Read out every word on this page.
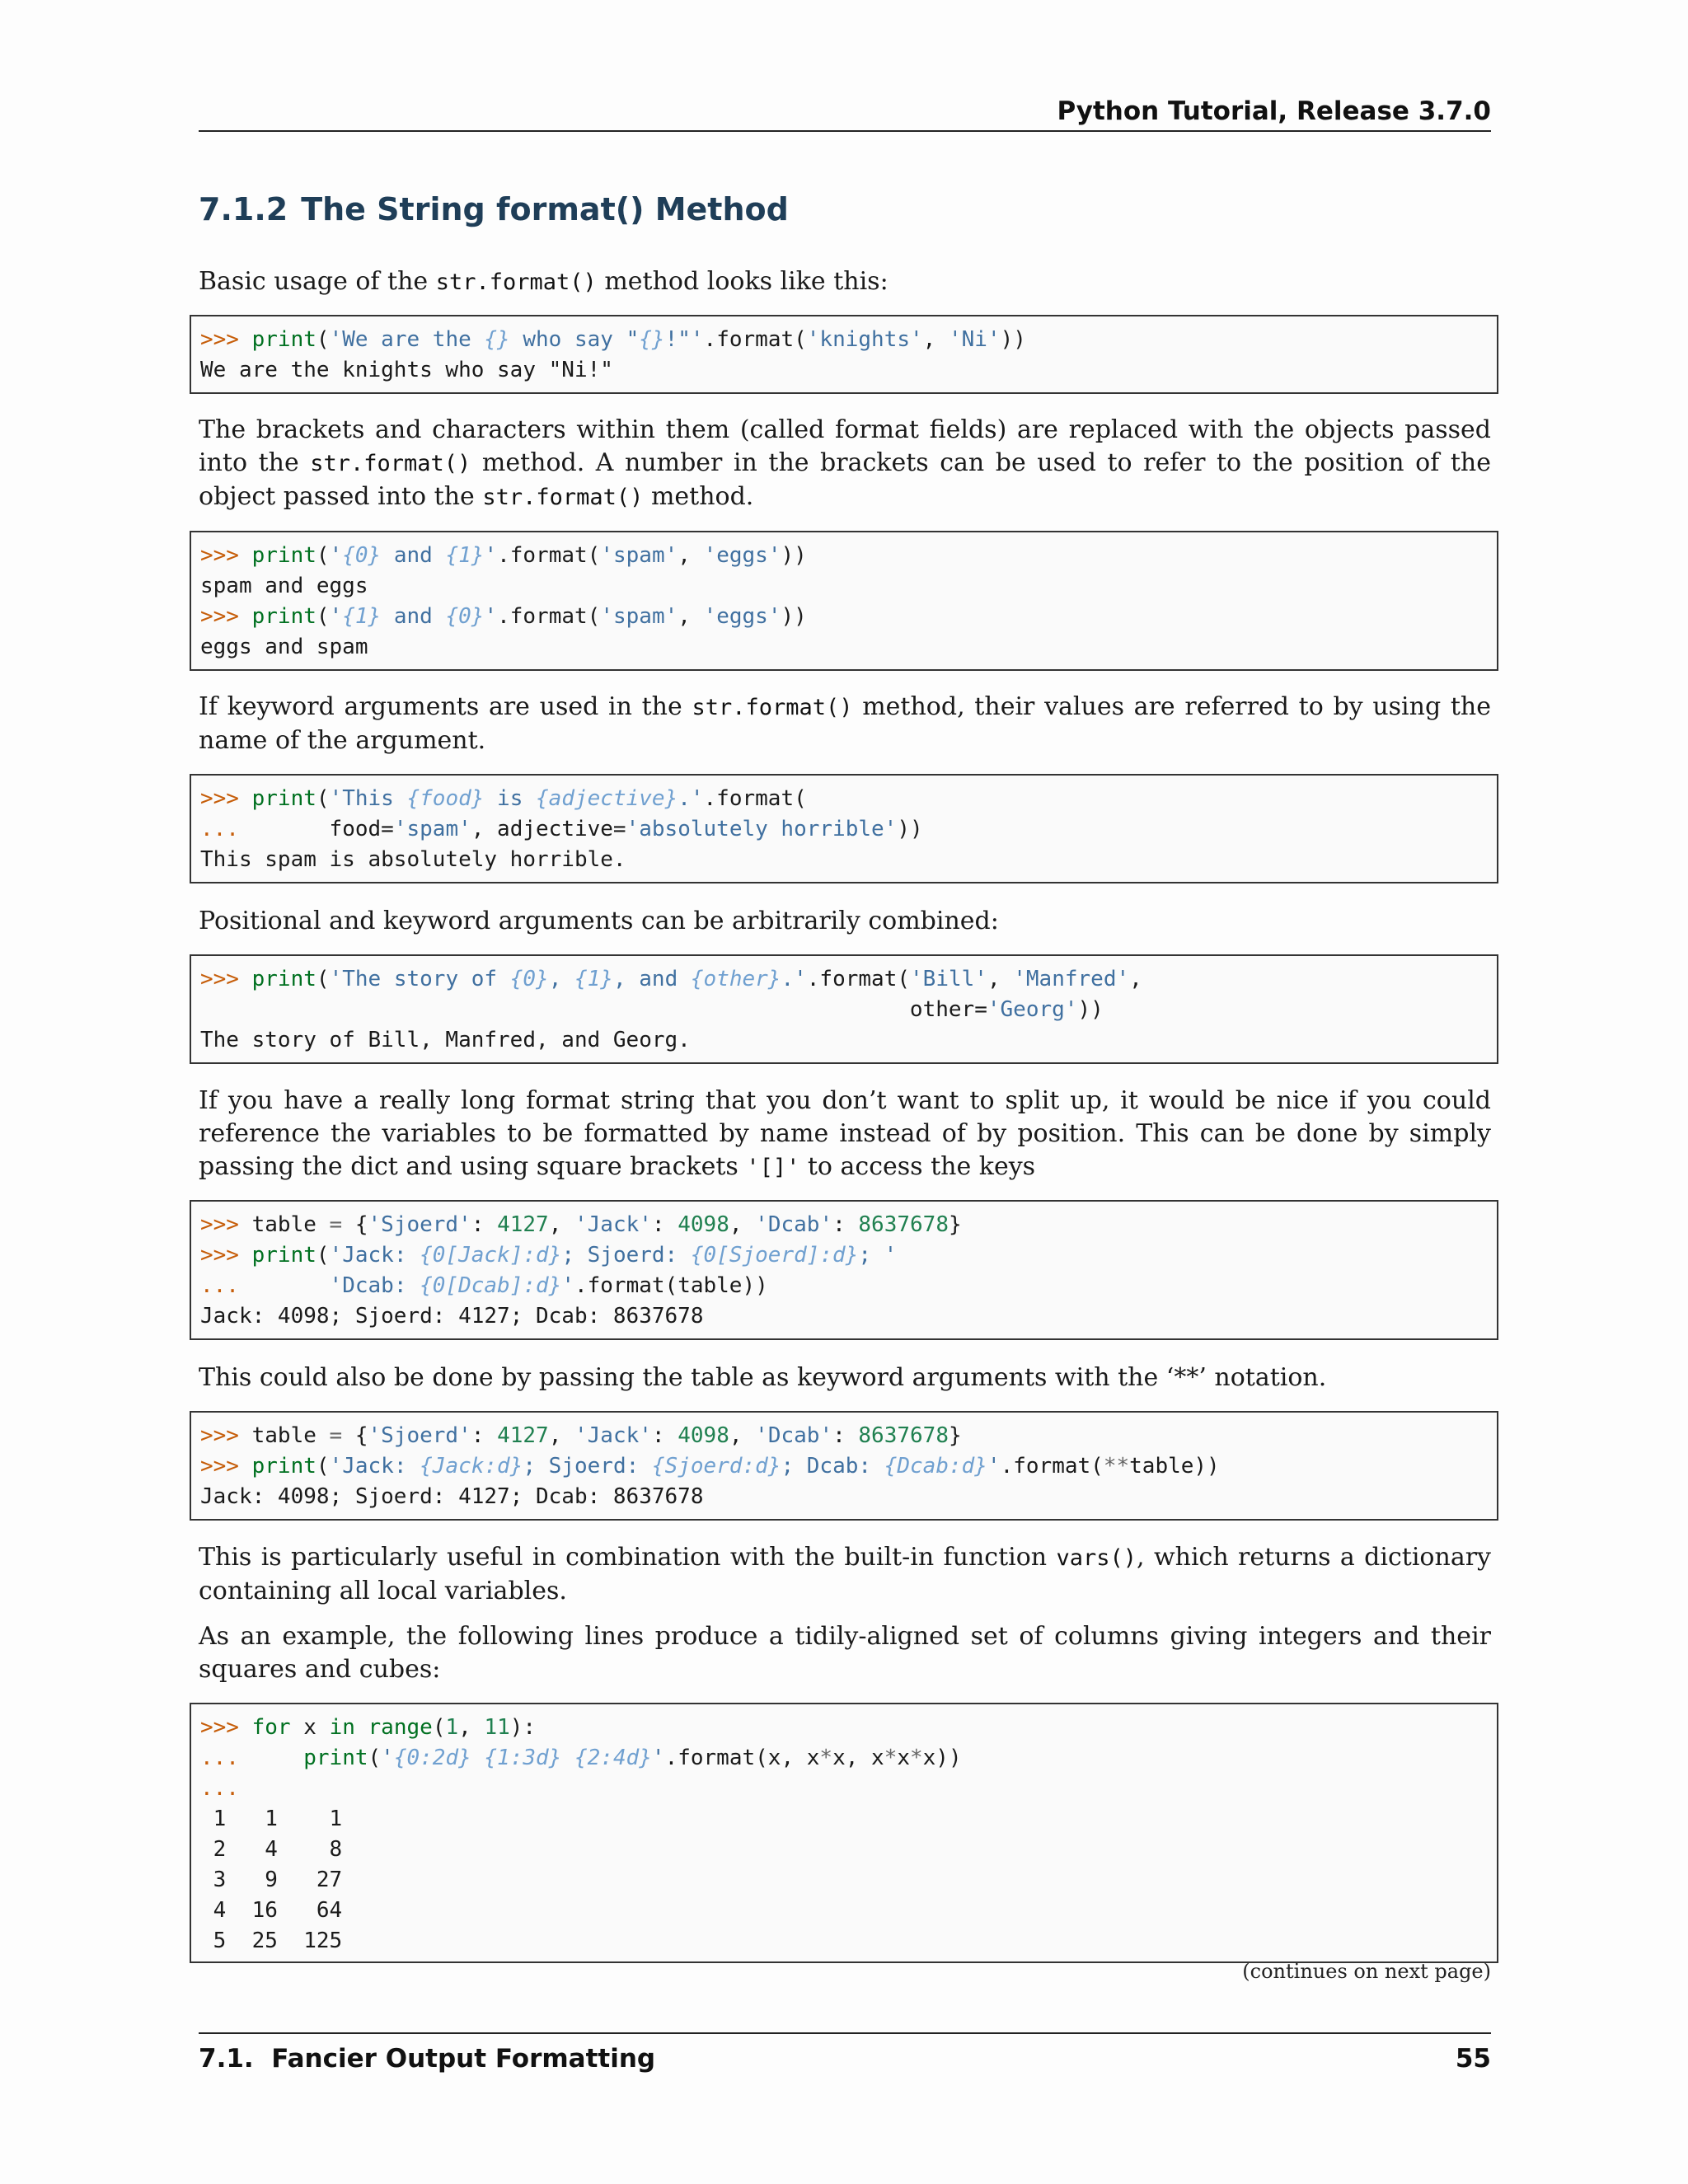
Python Tutorial, Release 3.7.0
7.1.2 The String format() Method

Basic usage of the str.format() method looks like this:

>>> print('We are the {} who say "{}!"'.format('knights', 'Ni'))
We are the knights who say "Ni!"

The brackets and characters within them (called format fields) are replaced with the objects passed into the str.format() method. A number in the brackets can be used to refer to the position of the object passed into the str.format() method.

>>> print('{0} and {1}'.format('spam', 'eggs'))
spam and eggs
>>> print('{1} and {0}'.format('spam', 'eggs'))
eggs and spam

If keyword arguments are used in the str.format() method, their values are referred to by using the name of the argument.

>>> print('This {food} is {adjective}.'.format(
...       food='spam', adjective='absolutely horrible'))
This spam is absolutely horrible.

Positional and keyword arguments can be arbitrarily combined:

>>> print('The story of {0}, {1}, and {other}.'.format('Bill', 'Manfred',
other='Georg'))
The story of Bill, Manfred, and Georg.

If you have a really long format string that you don’t want to split up, it would be nice if you could reference the variables to be formatted by name instead of by position. This can be done by simply passing the dict and using square brackets '[]' to access the keys

>>> table = {'Sjoerd': 4127, 'Jack': 4098, 'Dcab': 8637678}
>>> print('Jack: {0[Jack]:d}; Sjoerd: {0[Sjoerd]:d}; '
...       'Dcab: {0[Dcab]:d}'.format(table))
Jack: 4098; Sjoerd: 4127; Dcab: 8637678

This could also be done by passing the table as keyword arguments with the ‘**’ notation.

>>> table = {'Sjoerd': 4127, 'Jack': 4098, 'Dcab': 8637678}
>>> print('Jack: {Jack:d}; Sjoerd: {Sjoerd:d}; Dcab: {Dcab:d}'.format(**table))
Jack: 4098; Sjoerd: 4127; Dcab: 8637678

This is particularly useful in combination with the built-in function vars(), which returns a dictionary containing all local variables.

As an example, the following lines produce a tidily-aligned set of columns giving integers and their squares and cubes:

>>> for x in range(1, 11):
...     print('{0:2d} {1:3d} {2:4d}'.format(x, x*x, x*x*x))
...
1   1    1
2   4    8
3   9   27
4  16   64
5  25  125
(continues on next page)
7.1.  Fancier Output Formatting	55
